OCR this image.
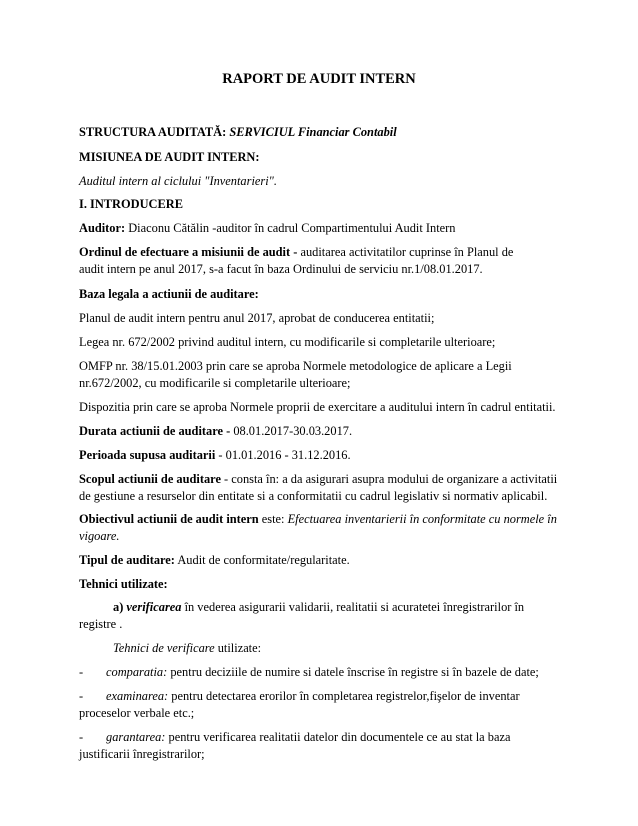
RAPORT DE AUDIT INTERN
STRUCTURA AUDITATĂ: SERVICIUL Financiar Contabil
MISIUNEA DE AUDIT INTERN:
Auditul intern al ciclului "Inventarieri".
I. INTRODUCERE
Auditor: Diaconu Cătălin -auditor în cadrul Compartimentului Audit Intern
Ordinul de efectuare a misiunii de audit - auditarea activitatilor cuprinse în Planul de
audit intern pe anul 2017, s-a facut în baza Ordinului de serviciu nr.1/08.01.2017.
Baza legala a actiunii de auditare:
Planul de audit intern pentru anul 2017, aprobat de conducerea entitatii;
Legea nr. 672/2002 privind auditul intern, cu modificarile si completarile ulterioare;
OMFP nr. 38/15.01.2003 prin care se aproba Normele metodologice de aplicare a Legii
nr.672/2002, cu modificarile si completarile ulterioare;
Dispozitia prin care se aproba Normele proprii de exercitare a auditului intern în cadrul entitatii.
Durata actiunii de auditare - 08.01.2017-30.03.2017.
Perioada supusa auditarii - 01.01.2016 - 31.12.2016.
Scopul actiunii de auditare - consta în: a da asigurari asupra modului de organizare a activitatii
de gestiune a resurselor din entitate si a conformitatii cu cadrul legislativ si normativ aplicabil.
Obiectivul actiunii de audit intern este: Efectuarea inventarierii în conformitate cu normele în
vigoare.
Tipul de auditare: Audit de conformitate/regularitate.
Tehnici utilizate:
a) verificarea în vederea asigurarii validarii, realitatii si acuratetei înregistrarilor în
registre .
Tehnici de verificare utilizate:
- comparatia: pentru deciziile de numire si datele înscrise în registre si în bazele de date;
- examinarea: pentru detectarea erorilor în completarea registrelor,fişelor de inventar
proceselor verbale etc.;
- garantarea: pentru verificarea realitatii datelor din documentele ce au stat la baza
justificarii înregistrarilor;
